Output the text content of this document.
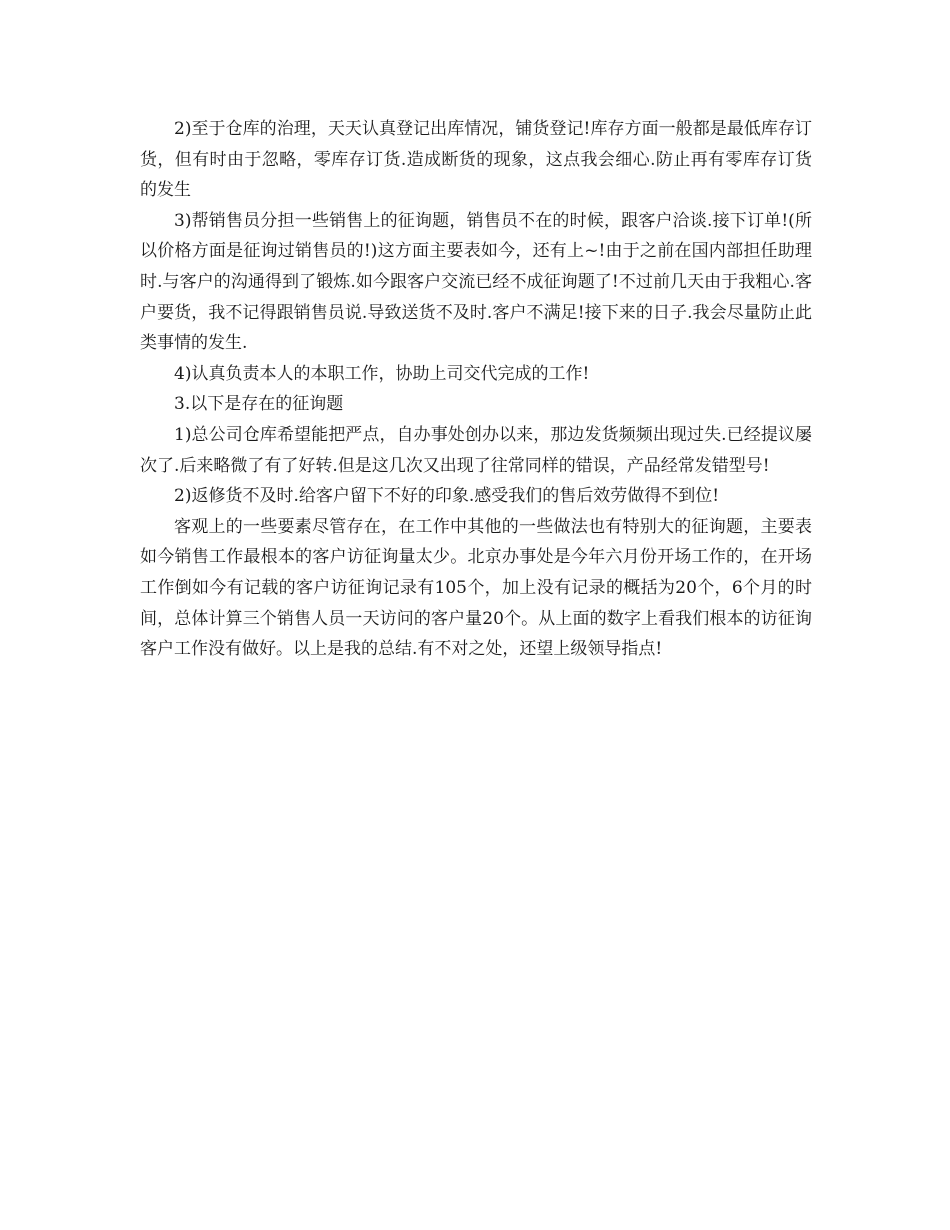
2)至于仓库的治理，天天认真登记出库情况，铺货登记!库存方面一般都是最低库存订货，但有时由于忽略，零库存订货.造成断货的现象，这点我会细心.防止再有零库存订货的发生

3)帮销售员分担一些销售上的征询题，销售员不在的时候，跟客户洽谈.接下订单!(所以价格方面是征询过销售员的!)这方面主要表如今，还有上~!由于之前在国内部担任助理时.与客户的沟通得到了锻炼.如今跟客户交流已经不成征询题了!不过前几天由于我粗心.客户要货，我不记得跟销售员说.导致送货不及时.客户不满足!接下来的日子.我会尽量防止此类事情的发生.

4)认真负责本人的本职工作，协助上司交代完成的工作!

3.以下是存在的征询题

1)总公司仓库希望能把严点，自办事处创办以来，那边发货频频出现过失.已经提议屡次了.后来略微了有了好转.但是这几次又出现了往常同样的错误，产品经常发错型号!

2)返修货不及时.给客户留下不好的印象.感受我们的售后效劳做得不到位!

客观上的一些要素尽管存在，在工作中其他的一些做法也有特别大的征询题，主要表如今销售工作最根本的客户访征询量太少。北京办事处是今年六月份开场工作的，在开场工作倒如今有记载的客户访征询记录有105个，加上没有记录的概括为20个，6个月的时间，总体计算三个销售人员一天访问的客户量20个。从上面的数字上看我们根本的访征询客户工作没有做好。以上是我的总结.有不对之处，还望上级领导指点!
